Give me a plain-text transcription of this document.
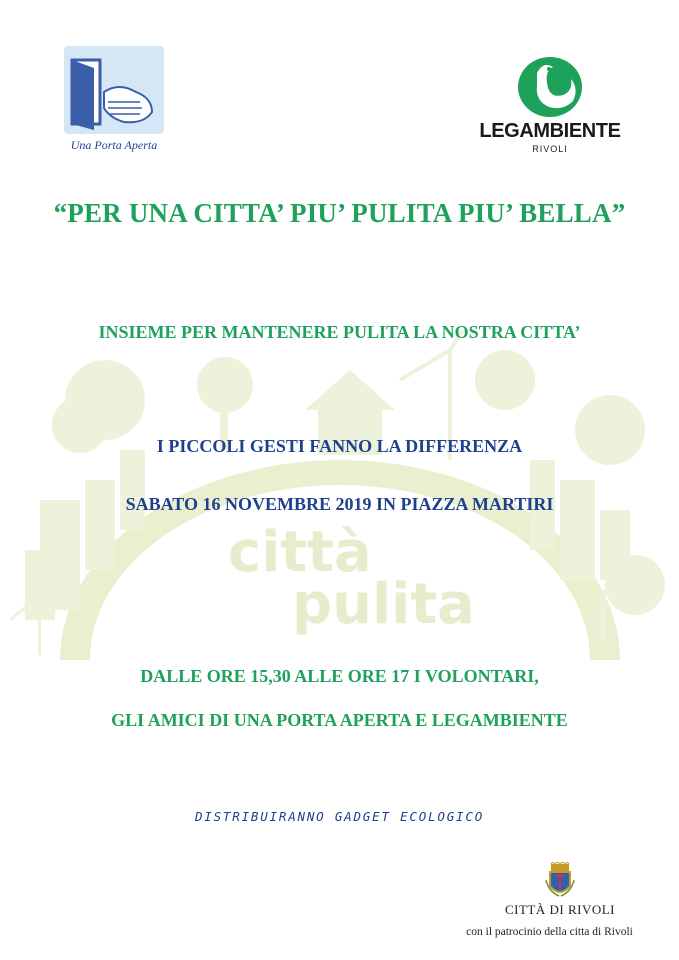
città
pulita
Una Porta Aperta
LEGAMBIENTE
RIVOLI
“PER UNA CITTA’ PIU’ PULITA PIU’ BELLA”
INSIEME PER MANTENERE PULITA LA NOSTRA CITTA’
I PICCOLI GESTI FANNO LA DIFFERENZA
SABATO 16 NOVEMBRE 2019 IN PIAZZA MARTIRI
DALLE ORE 15,30 ALLE ORE 17 I VOLONTARI,
GLI AMICI DI UNA PORTA APERTA E LEGAMBIENTE
DISTRIBUIRANNO GADGET ECOLOGICO
CITTÀ DI RIVOLI
con il patrocinio della citta di Rivoli
